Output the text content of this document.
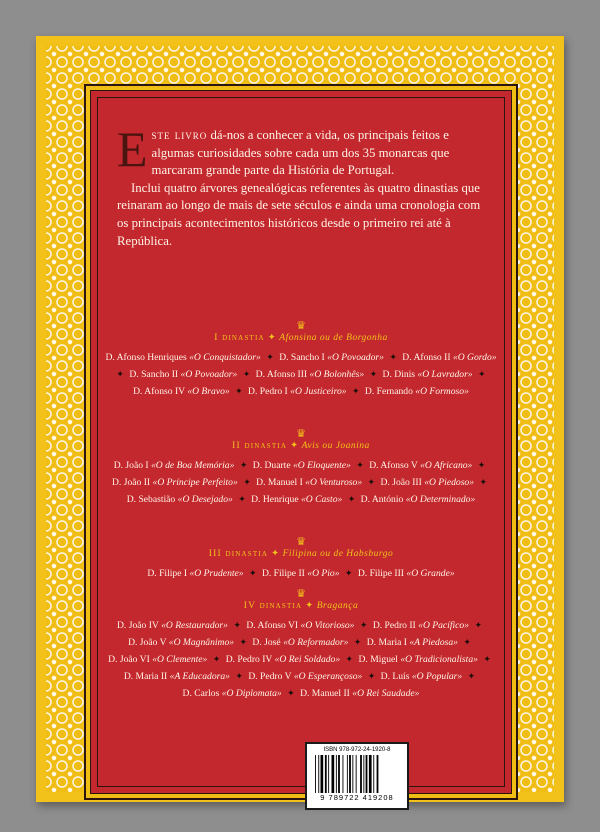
Este livro dá-nos a conhecer a vida, os principais feitos e algumas curiosidades sobre cada um dos 35 monarcas que marcaram grande parte da História de Portugal.

Inclui quatro árvores genealógicas referentes às quatro dinastias que reinaram ao longo de mais de sete séculos e ainda uma cronologia com os principais acontecimentos históricos desde o primeiro rei até à República.

♛
I dinastia ✦ Afonsina ou de Borgonha
D. Afonso Henriques «O Conquistador» ✦ D. Sancho I «O Povoador» ✦ D. Afonso II «O Gordo» ✦ D. Sancho II «O Povoador» ✦ D. Afonso III «O Bolonhês» ✦ D. Dinis «O Lavrador» ✦ D. Afonso IV «O Bravo» ✦ D. Pedro I «O Justiceiro» ✦ D. Fernando «O Formoso»
♛
II dinastia ✦ Avis ou Joanina
D. João I «O de Boa Memória» ✦ D. Duarte «O Eloquente» ✦ D. Afonso V «O Africano» ✦ D. João II «O Príncipe Perfeito» ✦ D. Manuel I «O Venturoso» ✦ D. João III «O Piedoso» ✦ D. Sebastião «O Desejado» ✦ D. Henrique «O Casto» ✦ D. António «O Determinado»
♛
III dinastia ✦ Filipina ou de Habsburgo
D. Filipe I «O Prudente» ✦ D. Filipe II «O Pio» ✦ D. Filipe III «O Grande»
♛
IV dinastia ✦ Bragança
D. João IV «O Restaurador» ✦ D. Afonso VI «O Vitorioso» ✦ D. Pedro II «O Pacífico» ✦ D. João V «O Magnânimo» ✦ D. José «O Reformador» ✦ D. Maria I «A Piedosa» ✦ D. João VI «O Clemente» ✦ D. Pedro IV «O Rei Soldado» ✦ D. Miguel «O Tradicionalista» ✦ D. Maria II «A Educadora» ✦ D. Pedro V «O Esperançoso» ✦ D. Luís «O Popular» ✦ D. Carlos «O Diplomata» ✦ D. Manuel II «O Rei Saudade»
ISBN 978-972-24-1920-8
9 789722 419208
